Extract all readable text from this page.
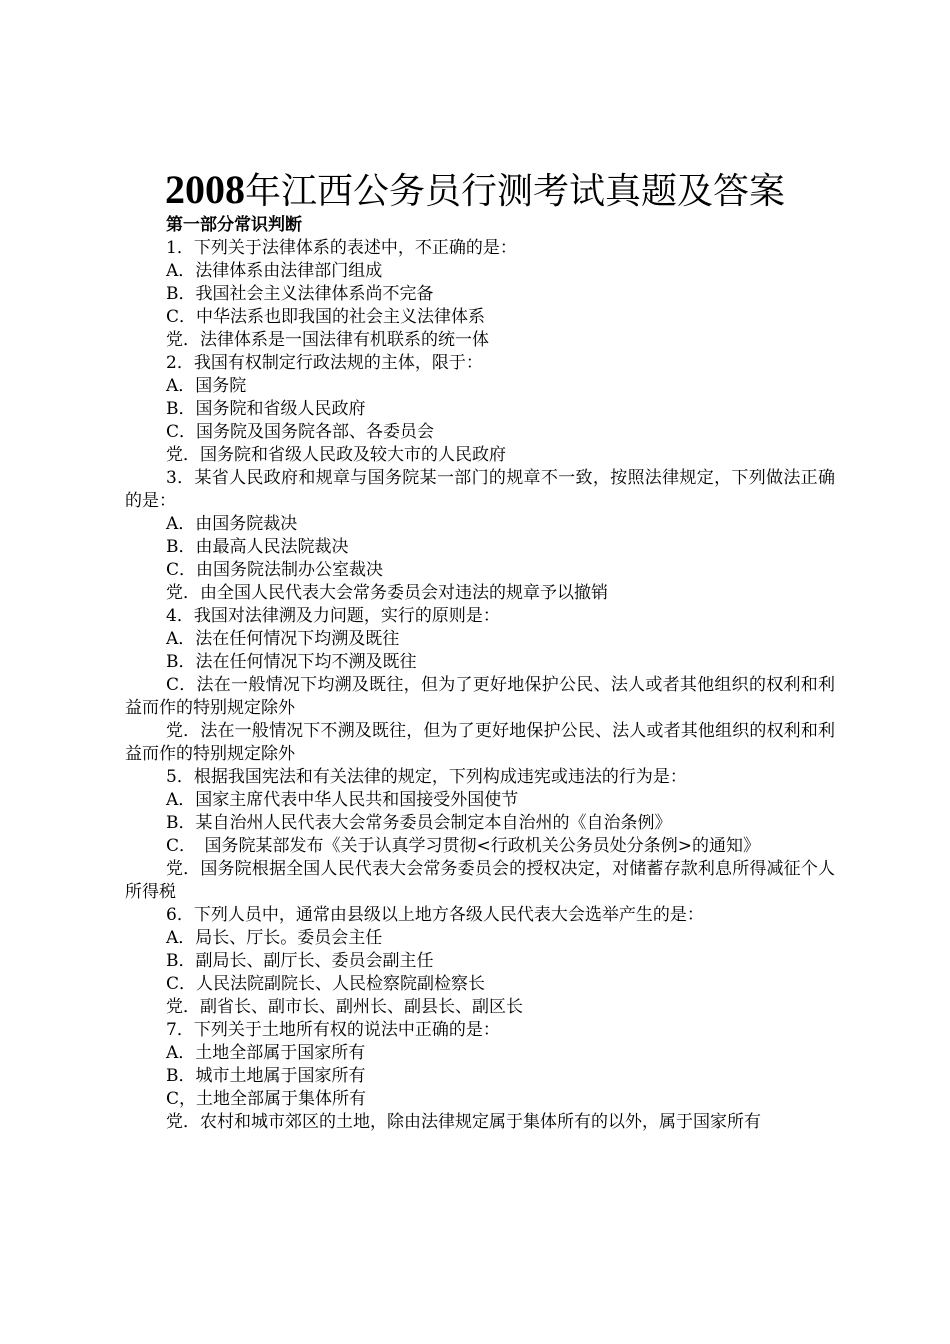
2008年江西公务员行测考试真题及答案
第一部分常识判断
1．下列关于法律体系的表述中，不正确的是：
A．法律体系由法律部门组成
B．我国社会主义法律体系尚不完备
C．中华法系也即我国的社会主义法律体系
党．法律体系是一国法律有机联系的统一体
2．我国有权制定行政法规的主体，限于：
A．国务院
B．国务院和省级人民政府
C．国务院及国务院各部、各委员会
党．国务院和省级人民政及较大市的人民政府
3．某省人民政府和规章与国务院某一部门的规章不一致，按照法律规定，下列做法正确的是：
A．由国务院裁决
B．由最高人民法院裁决
C．由国务院法制办公室裁决
党．由全国人民代表大会常务委员会对违法的规章予以撤销
4．我国对法律溯及力问题，实行的原则是：
A．法在任何情况下均溯及既往
B．法在任何情况下均不溯及既往
C．法在一般情况下均溯及既往，但为了更好地保护公民、法人或者其他组织的权利和利益而作的特别规定除外
党．法在一般情况下不溯及既往，但为了更好地保护公民、法人或者其他组织的权利和利益而作的特别规定除外
5．根据我国宪法和有关法律的规定，下列构成违宪或违法的行为是：
A．国家主席代表中华人民共和国接受外国使节
B．某自治州人民代表大会常务委员会制定本自治州的《自治条例》
C．　国务院某部发布《关于认真学习贯彻<行政机关公务员处分条例>的通知》
党．国务院根据全国人民代表大会常务委员会的授权决定，对储蓄存款利息所得减征个人所得税
6．下列人员中，通常由县级以上地方各级人民代表大会选举产生的是：
A．局长、厅长。委员会主任
B．副局长、副厅长、委员会副主任
C．人民法院副院长、人民检察院副检察长
党．副省长、副市长、副州长、副县长、副区长
7．下列关于土地所有权的说法中正确的是：
A．土地全部属于国家所有
B．城市土地属于国家所有
C，土地全部属于集体所有
党．农村和城市郊区的土地，除由法律规定属于集体所有的以外，属于国家所有
